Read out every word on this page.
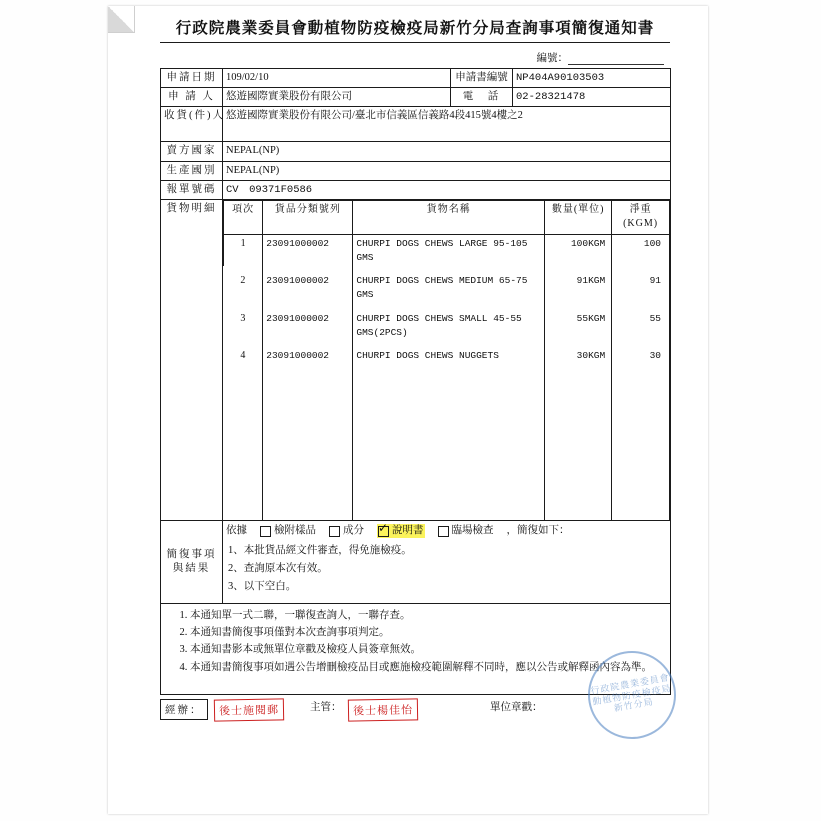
行政院農業委員會動植物防疫檢疫局新竹分局查詢事項簡復通知書
編號：
申請日期	109/02/10	申請書編號	NP404A90103503
申 請 人	悠遊國際實業股份有限公司	電　話	02-28321478
收貨(件)人	悠遊國際實業股份有限公司/臺北市信義區信義路4段415號4樓之2
賣方國家	NEPAL(NP)
生產國別	NEPAL(NP)
報單號碼	CV　09371F0586
貨物明細	項次	貨品分類號列	貨物名稱	數量(單位)	淨重(KGM)
1	23091000002	CHURPI DOGS CHEWS LARGE 95-105 GMS	100KGM	100
2	23091000002	CHURPI DOGS CHEWS MEDIUM 65-75 GMS	91KGM	91
3	23091000002	CHURPI DOGS CHEWS SMALL 45-55 GMS(2PCS)	55KGM	55
4	23091000002	CHURPI DOGS CHEWS NUGGETS	30KGM	30

簡復事項
與結果

依據	檢附樣品	成分 ✓	說明書	臨場檢查 ，簡復如下：
1、本批貨品經文件審查，得免施檢疫。
2、查詢原本次有效。
3、以下空白。

1. 本通知單一式二聯，一聯復查詢人，一聯存查。
2. 本通知書簡復事項僅對本次查詢事項判定。
3. 本通知書影本或無單位章戳及檢疫人員簽章無效。
4. 本通知書簡復事項如遇公告增刪檢疫品目或應施檢疫範圍解釋不同時，應以公告或解釋函內容為準。
經辦：	後士施閱郵	主管： 後士楊佳怡	單位章戳：
行政院農業委員會動植物防疫檢疫局新竹分局
